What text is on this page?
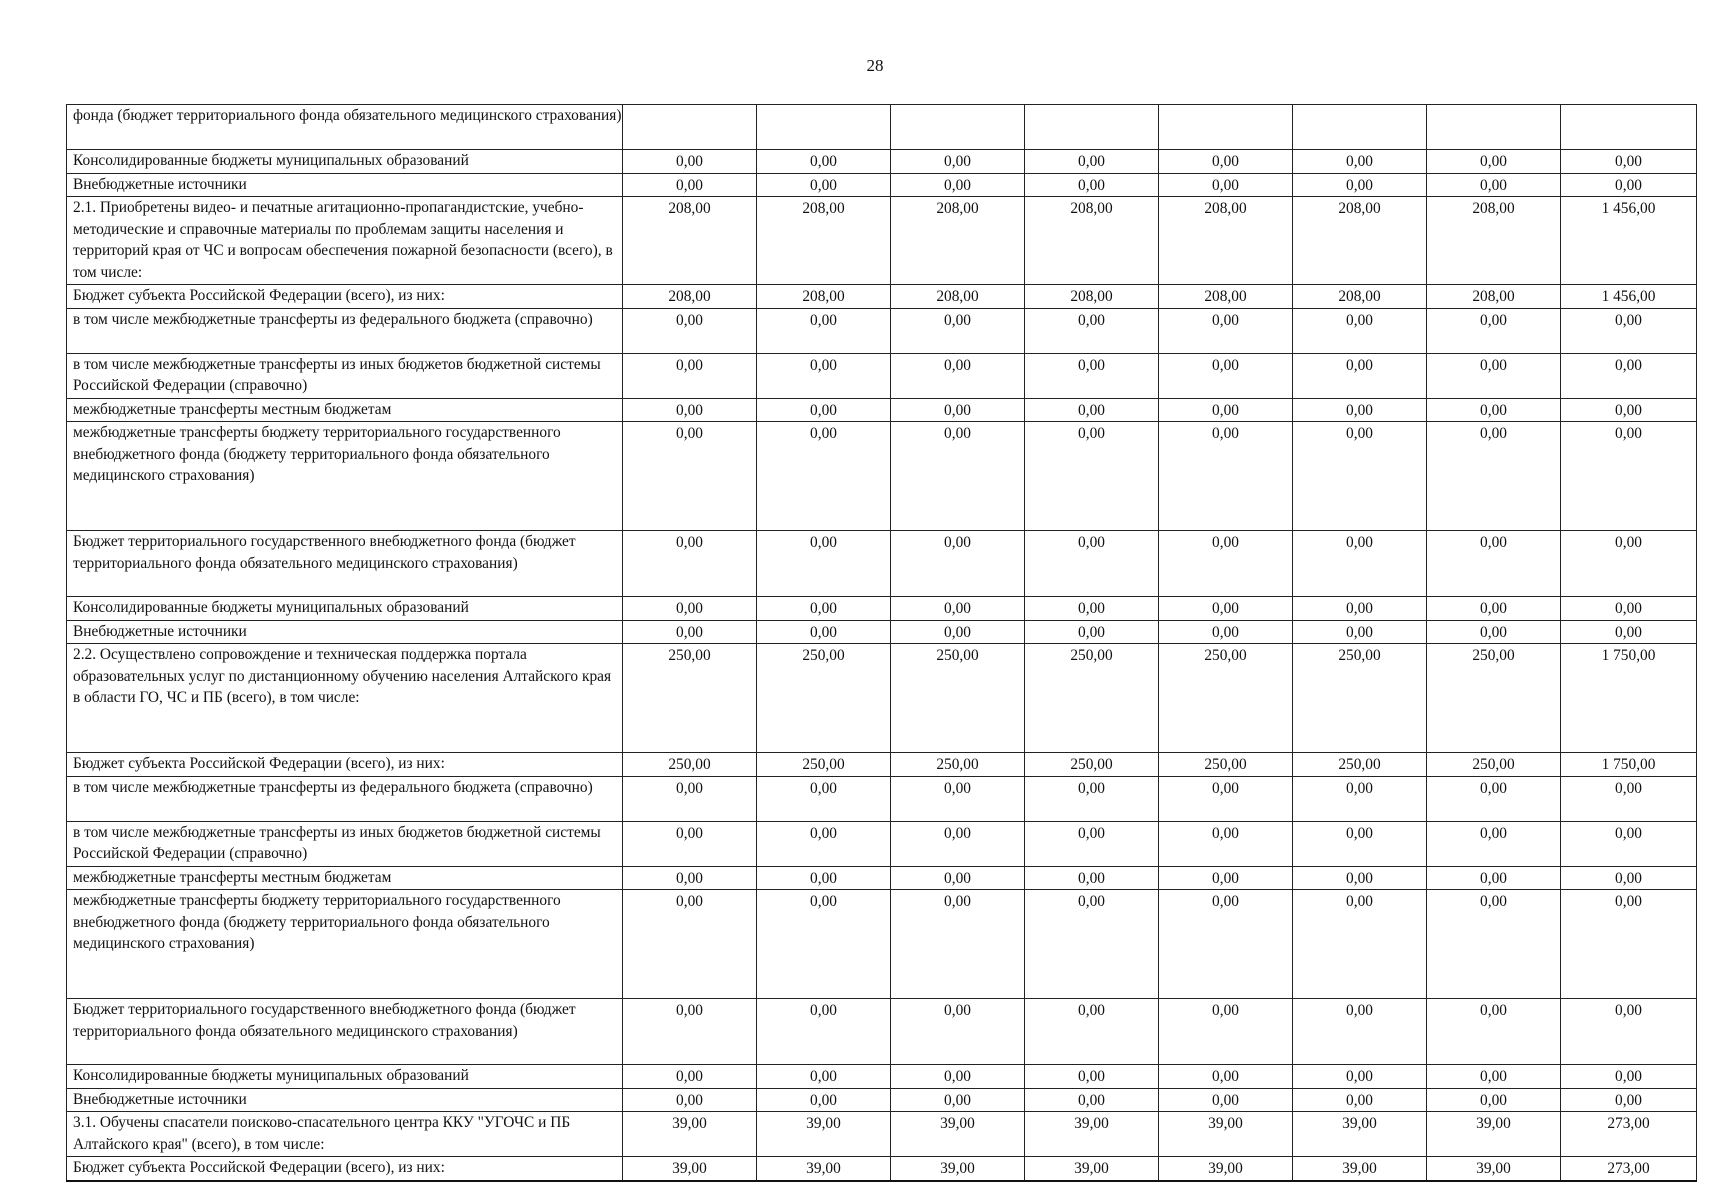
28
фонда (бюджет территориального фонда обязательного медицинского страхования)								
Консолидированные бюджеты муниципальных образований	0,00	0,00	0,00	0,00	0,00	0,00	0,00	0,00
Внебюджетные источники	0,00	0,00	0,00	0,00	0,00	0,00	0,00	0,00
2.1. Приобретены видео- и печатные агитационно-пропагандистские, учебно-методические и справочные материалы по проблемам защиты населения и территорий края от ЧС и вопросам обеспечения пожарной безопасности (всего), в том числе:	208,00	208,00	208,00	208,00	208,00	208,00	208,00	1 456,00
Бюджет субъекта Российской Федерации (всего), из них:	208,00	208,00	208,00	208,00	208,00	208,00	208,00	1 456,00
в том числе межбюджетные трансферты из федерального бюджета (справочно)	0,00	0,00	0,00	0,00	0,00	0,00	0,00	0,00
в том числе межбюджетные трансферты из иных бюджетов бюджетной системы Российской Федерации (справочно)	0,00	0,00	0,00	0,00	0,00	0,00	0,00	0,00
межбюджетные трансферты местным бюджетам	0,00	0,00	0,00	0,00	0,00	0,00	0,00	0,00
межбюджетные трансферты бюджету территориального государственного внебюджетного фонда (бюджету территориального фонда обязательного медицинского страхования)	0,00	0,00	0,00	0,00	0,00	0,00	0,00	0,00
Бюджет территориального государственного внебюджетного фонда (бюджет территориального фонда обязательного медицинского страхования)	0,00	0,00	0,00	0,00	0,00	0,00	0,00	0,00
Консолидированные бюджеты муниципальных образований	0,00	0,00	0,00	0,00	0,00	0,00	0,00	0,00
Внебюджетные источники	0,00	0,00	0,00	0,00	0,00	0,00	0,00	0,00
2.2. Осуществлено сопровождение и техническая поддержка портала образовательных услуг по дистанционному обучению населения Алтайского края в области ГО, ЧС и ПБ (всего), в том числе:	250,00	250,00	250,00	250,00	250,00	250,00	250,00	1 750,00
Бюджет субъекта Российской Федерации (всего), из них:	250,00	250,00	250,00	250,00	250,00	250,00	250,00	1 750,00
в том числе межбюджетные трансферты из федерального бюджета (справочно)	0,00	0,00	0,00	0,00	0,00	0,00	0,00	0,00
в том числе межбюджетные трансферты из иных бюджетов бюджетной системы Российской Федерации (справочно)	0,00	0,00	0,00	0,00	0,00	0,00	0,00	0,00
межбюджетные трансферты местным бюджетам	0,00	0,00	0,00	0,00	0,00	0,00	0,00	0,00
межбюджетные трансферты бюджету территориального государственного внебюджетного фонда (бюджету территориального фонда обязательного медицинского страхования)	0,00	0,00	0,00	0,00	0,00	0,00	0,00	0,00
Бюджет территориального государственного внебюджетного фонда (бюджет территориального фонда обязательного медицинского страхования)	0,00	0,00	0,00	0,00	0,00	0,00	0,00	0,00
Консолидированные бюджеты муниципальных образований	0,00	0,00	0,00	0,00	0,00	0,00	0,00	0,00
Внебюджетные источники	0,00	0,00	0,00	0,00	0,00	0,00	0,00	0,00
3.1. Обучены спасатели поисково-спасательного центра ККУ "УГОЧС и ПБ Алтайского края" (всего), в том числе:	39,00	39,00	39,00	39,00	39,00	39,00	39,00	273,00
Бюджет субъекта Российской Федерации (всего), из них:	39,00	39,00	39,00	39,00	39,00	39,00	39,00	273,00
